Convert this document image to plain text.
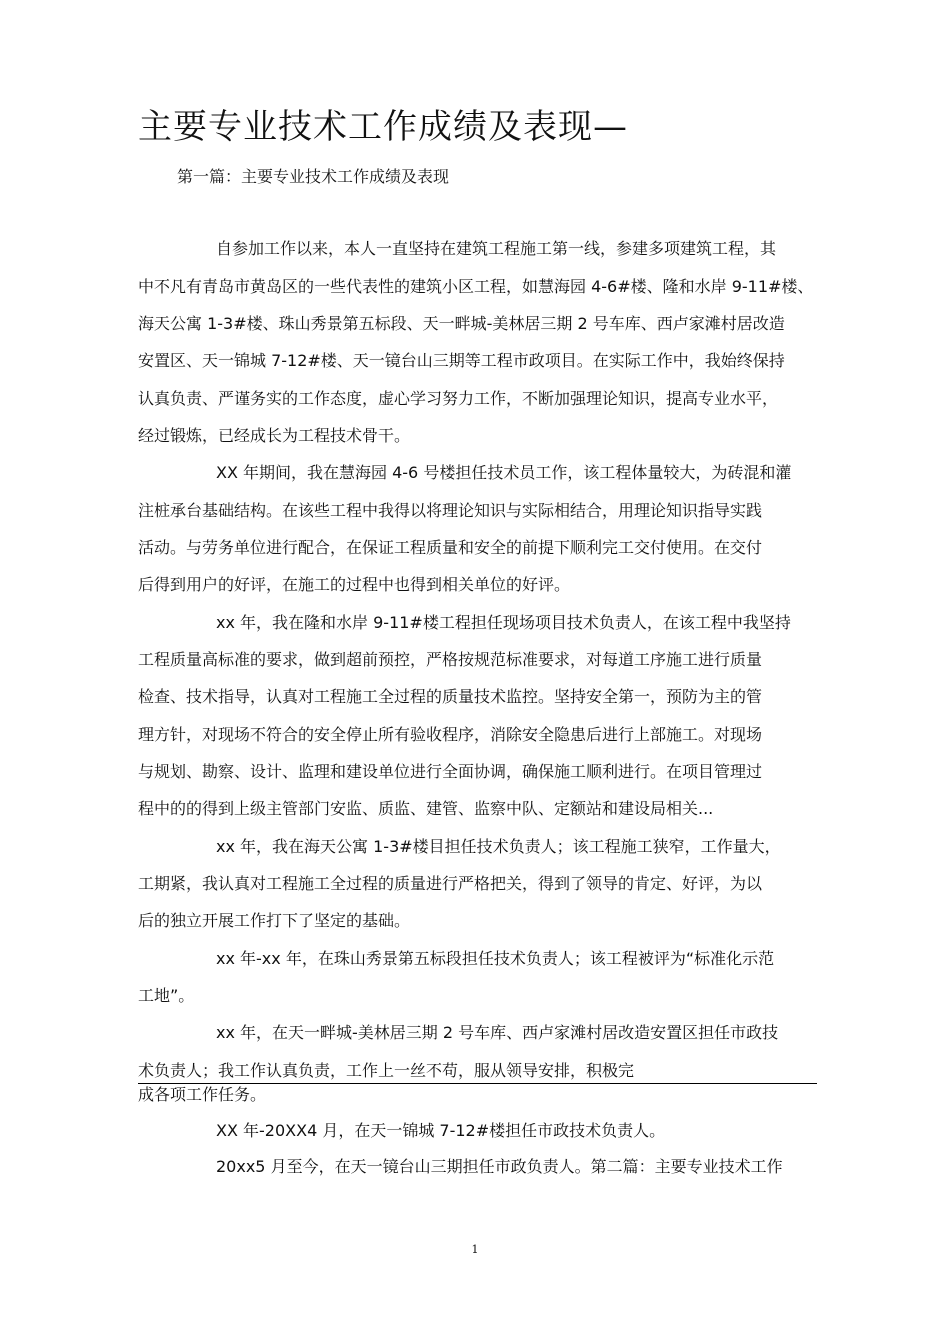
主要专业技术工作成绩及表现—

第一篇：主要专业技术工作成绩及表现

自参加工作以来，本人一直坚持在建筑工程施工第一线，参建多项建筑工程，其
中不凡有青岛市黄岛区的一些代表性的建筑小区工程，如慧海园 4-6#楼、隆和水岸 9-11#楼、
海天公寓 1-3#楼、珠山秀景第五标段、天一畔城-美林居三期 2 号车库、西卢家滩村居改造
安置区、天一锦城 7-12#楼、天一镜台山三期等工程市政项目。在实际工作中，我始终保持
认真负责、严谨务实的工作态度，虚心学习努力工作，不断加强理论知识，提高专业水平，
经过锻炼，已经成长为工程技术骨干。
XX 年期间，我在慧海园 4-6 号楼担任技术员工作，该工程体量较大，为砖混和灌
注桩承台基础结构。在该些工程中我得以将理论知识与实际相结合，用理论知识指导实践
活动。与劳务单位进行配合，在保证工程质量和安全的前提下顺利完工交付使用。在交付
后得到用户的好评，在施工的过程中也得到相关单位的好评。
xx 年，我在隆和水岸 9-11#楼工程担任现场项目技术负责人，在该工程中我坚持
工程质量高标准的要求，做到超前预控，严格按规范标准要求，对每道工序施工进行质量
检查、技术指导，认真对工程施工全过程的质量技术监控。坚持安全第一，预防为主的管
理方针，对现场不符合的安全停止所有验收程序，消除安全隐患后进行上部施工。对现场
与规划、勘察、设计、监理和建设单位进行全面协调，确保施工顺利进行。在项目管理过
程中的的得到上级主管部门安监、质监、建管、监察中队、定额站和建设局相关...
xx 年，我在海天公寓 1-3#楼目担任技术负责人；该工程施工狭窄，工作量大，
工期紧，我认真对工程施工全过程的质量进行严格把关，得到了领导的肯定、好评，为以
后的独立开展工作打下了坚定的基础。
xx 年-xx 年，在珠山秀景第五标段担任技术负责人；该工程被评为“标准化示范
工地”。
xx 年，在天一畔城-美林居三期 2 号车库、西卢家滩村居改造安置区担任市政技
术负责人；我工作认真负责，工作上一丝不苟，服从领导安排，积极完
成各项工作任务。
XX 年-20XX4 月，在天一锦城 7-12#楼担任市政技术负责人。
20xx5 月至今，在天一镜台山三期担任市政负责人。第二篇：主要专业技术工作
1
